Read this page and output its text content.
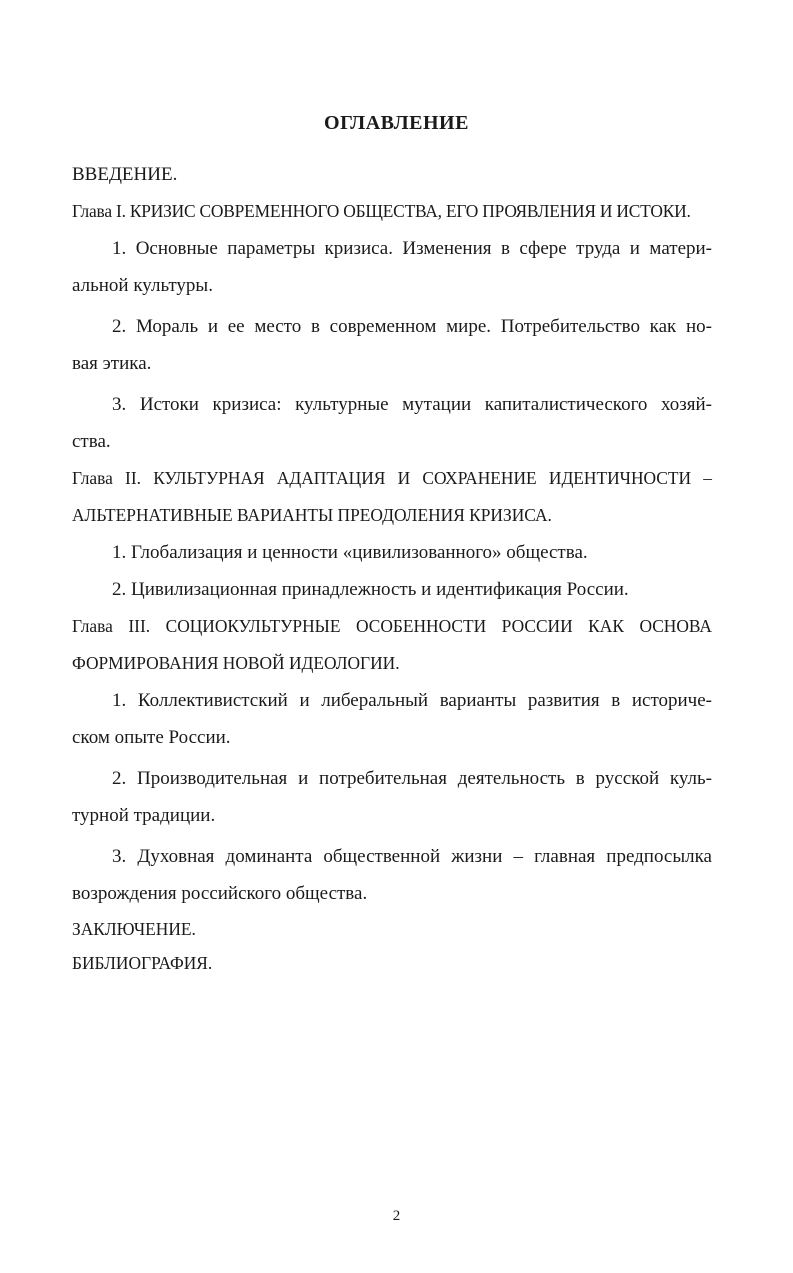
ОГЛАВЛЕНИЕ

ВВЕДЕНИЕ.

Глава I. КРИЗИС СОВРЕМЕННОГО ОБЩЕСТВА, ЕГО ПРОЯВЛЕНИЯ И ИСТОКИ.

1. Основные параметры кризиса. Изменения в сфере труда и матери-

альной культуры.

2. Мораль и ее место в современном мире. Потребительство как но-

вая этика.

3. Истоки кризиса: культурные мутации капиталистического хозяй-

ства.

Глава II. КУЛЬТУРНАЯ АДАПТАЦИЯ И СОХРАНЕНИЕ ИДЕНТИЧНОСТИ –

АЛЬТЕРНАТИВНЫЕ ВАРИАНТЫ ПРЕОДОЛЕНИЯ КРИЗИСА.

1. Глобализация и ценности «цивилизованного» общества.

2. Цивилизационная принадлежность и идентификация России.

Глава III. СОЦИОКУЛЬТУРНЫЕ ОСОБЕННОСТИ РОССИИ КАК ОСНОВА

ФОРМИРОВАНИЯ НОВОЙ ИДЕОЛОГИИ.

1. Коллективистский и либеральный варианты развития в историче-

ском опыте России.

2. Производительная и потребительная деятельность в русской куль-

турной традиции.

3. Духовная доминанта общественной жизни – главная предпосылка

возрождения российского общества.

ЗАКЛЮЧЕНИЕ.

БИБЛИОГРАФИЯ.

2
